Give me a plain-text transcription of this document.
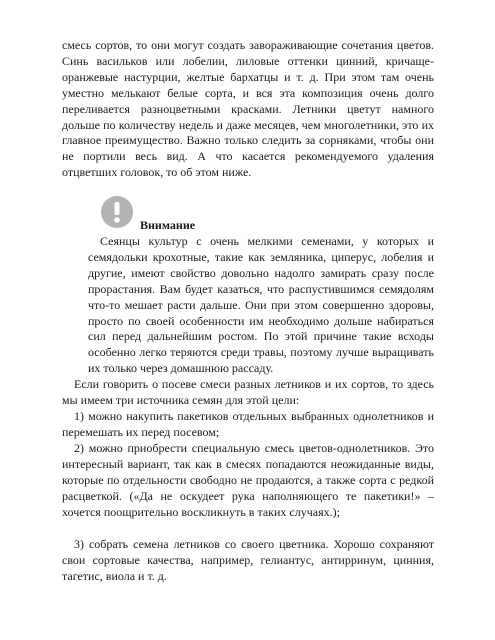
смесь сортов, то они могут создать завораживающие сочетания цветов. Синь васильков или лобелии, лиловые оттенки цинний, кричаще-оранжевые настурции, желтые бархатцы и т. д. При этом там очень уместно мелькают белые сорта, и вся эта композиция очень долго переливается разноцветными красками. Летники цветут намного дольше по количеству недель и даже месяцев, чем многолетники, это их главное преимущество. Важно только следить за сорняками, чтобы они не портили весь вид. А что касается рекомендуемого удаления отцветших головок, то об этом ниже.

Внимание

Сеянцы культур с очень мелкими семенами, у которых и семядольки крохотные, такие как земляника, циперус, лобелия и другие, имеют свойство довольно надолго замирать сразу после прорастания. Вам будет казаться, что распустившимся семядолям что-то мешает расти дальше. Они при этом совершенно здоровы, просто по своей особенности им необходимо дольше набираться сил перед дальнейшим ростом. По этой причине такие всходы особенно легко теряются среди травы, поэтому лучше выращивать их только через домашнюю рассаду.

Если говорить о посеве смеси разных летников и их сортов, то здесь мы имеем три источника семян для этой цели:

1) можно накупить пакетиков отдельных выбранных однолетников и перемешать их перед посевом;

2) можно приобрести специальную смесь цветов-однолетников. Это интересный вариант, так как в смесях попадаются неожиданные виды, которые по отдельности свободно не продаются, а также сорта с редкой расцветкой. («Да не оскудеет рука наполняющего те пакетики!» – хочется поощрительно воскликнуть в таких случаях.);

3) собрать семена летников со своего цветника. Хорошо сохраняют свои сортовые качества, например, гелиантус, антирринум, цинния, тагетис, виола и т. д.
